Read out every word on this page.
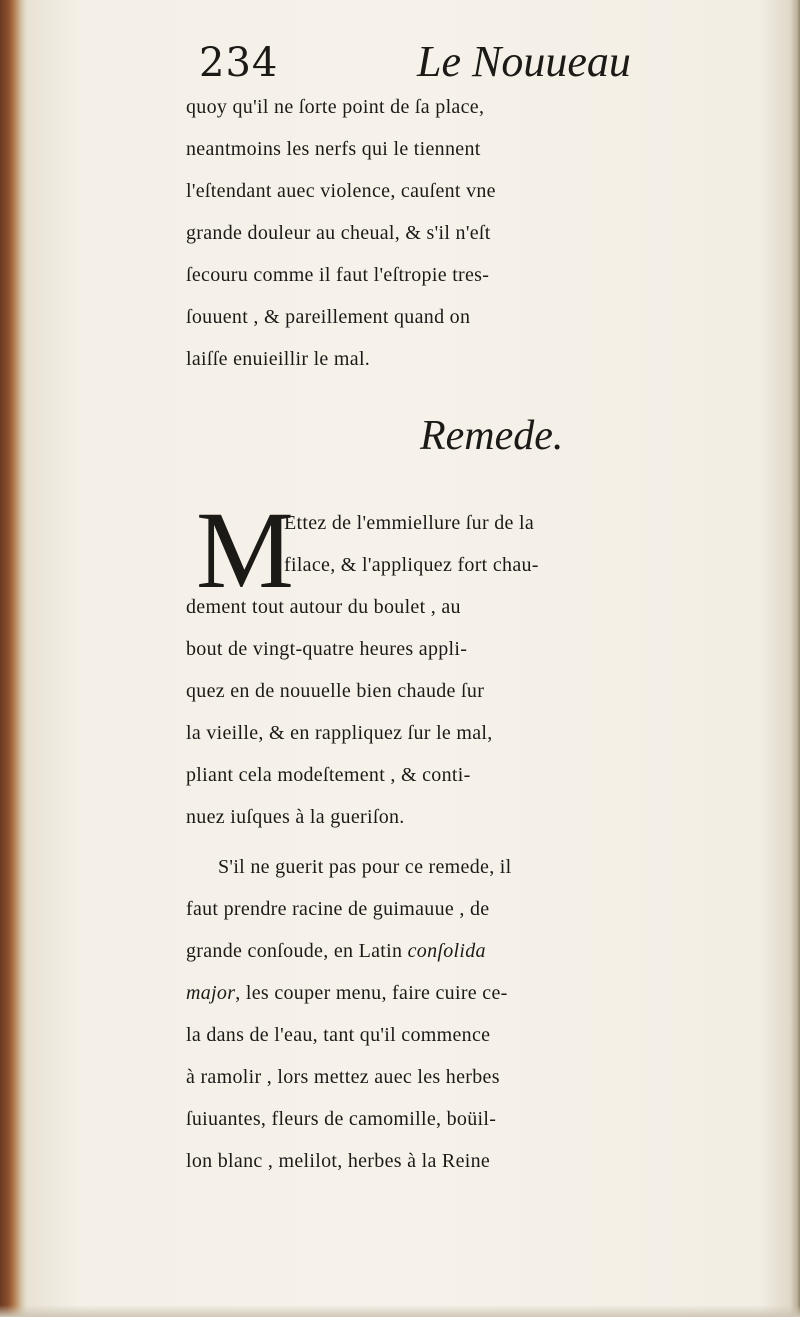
234	Le Nouueau
quoy qu'il ne ſorte point de ſa place,
neantmoins les nerfs qui le tiennent
l'eſtendant auec violence, cauſent vne
grande douleur au cheual, & s'il n'eſt
ſecouru comme il faut l'eſtropie tres-
ſouuent , & pareillement quand on
laiſſe enuieillir le mal.
Remede.
M
Ettez de l'emmiellure ſur de la
filace, & l'appliquez fort chau-
dement tout autour du boulet , au
bout de vingt-quatre heures appli-
quez en de nouuelle bien chaude ſur
la vieille, & en rappliquez ſur le mal,
pliant cela modeſtement , & conti-
nuez iuſques à la gueriſon.
S'il ne guerit pas pour ce remede, il
faut prendre racine de guimauue , de
grande conſoude, en Latin conſolida
major, les couper menu, faire cuire ce-
la dans de l'eau, tant qu'il commence
à ramolir , lors mettez auec les herbes
ſuiuantes, fleurs de camomille, boüil-
lon blanc , melilot, herbes à la Reine
